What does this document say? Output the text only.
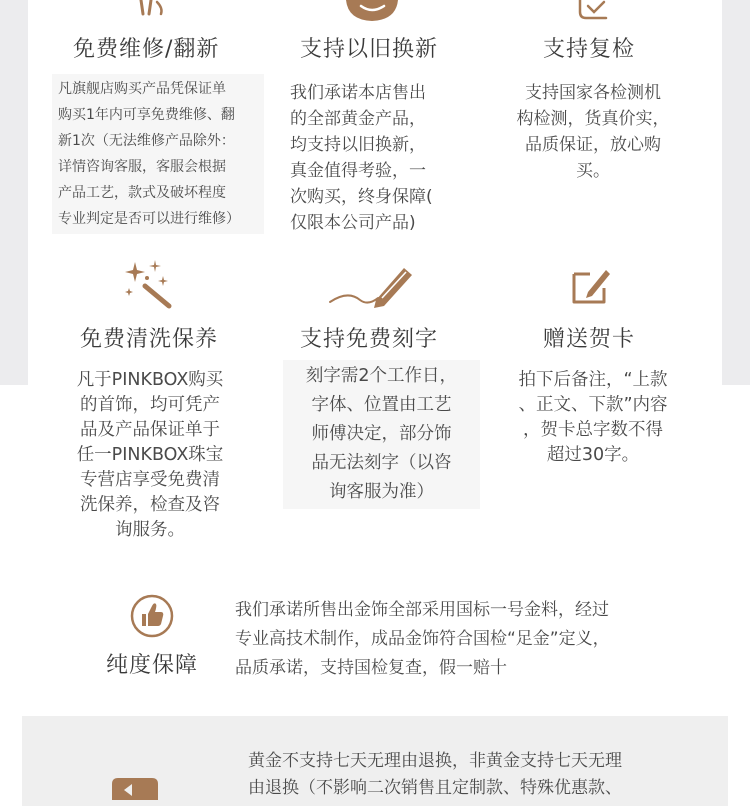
免费维修/翻新	支持以旧换新	支持复检
凡旗舰店购买产品凭保证单
购买1年内可享免费维修、翻
新1次（无法维修产品除外：
详情咨询客服，客服会根据
产品工艺，款式及破坏程度
专业判定是否可以进行维修）
我们承诺本店售出
的全部黄金产品，
均支持以旧换新，
真金值得考验，一
次购买，终身保障(
仅限本公司产品)
支持国家各检测机
构检测，货真价实，
品质保证，放心购
买。
免费清洗保养	支持免费刻字	赠送贺卡
凡于PINKBOX购买
的首饰，均可凭产
品及产品保证单于
任一PINKBOX珠宝
专营店享受免费清
洗保养，检查及咨
询服务。
刻字需2个工作日，
字体、位置由工艺
师傅决定，部分饰
品无法刻字（以咨
询客服为准）
拍下后备注，“上款
、正文、下款”内容
，贺卡总字数不得
超过30字。
纯度保障
我们承诺所售出金饰全部采用国标一号金料，经过
专业高技术制作，成品金饰符合国检“足金”定义，
品质承诺，支持国检复查，假一赔十
黄金不支持七天无理由退换，非黄金支持七天无理
由退换（不影响二次销售且定制款、特殊优惠款、
